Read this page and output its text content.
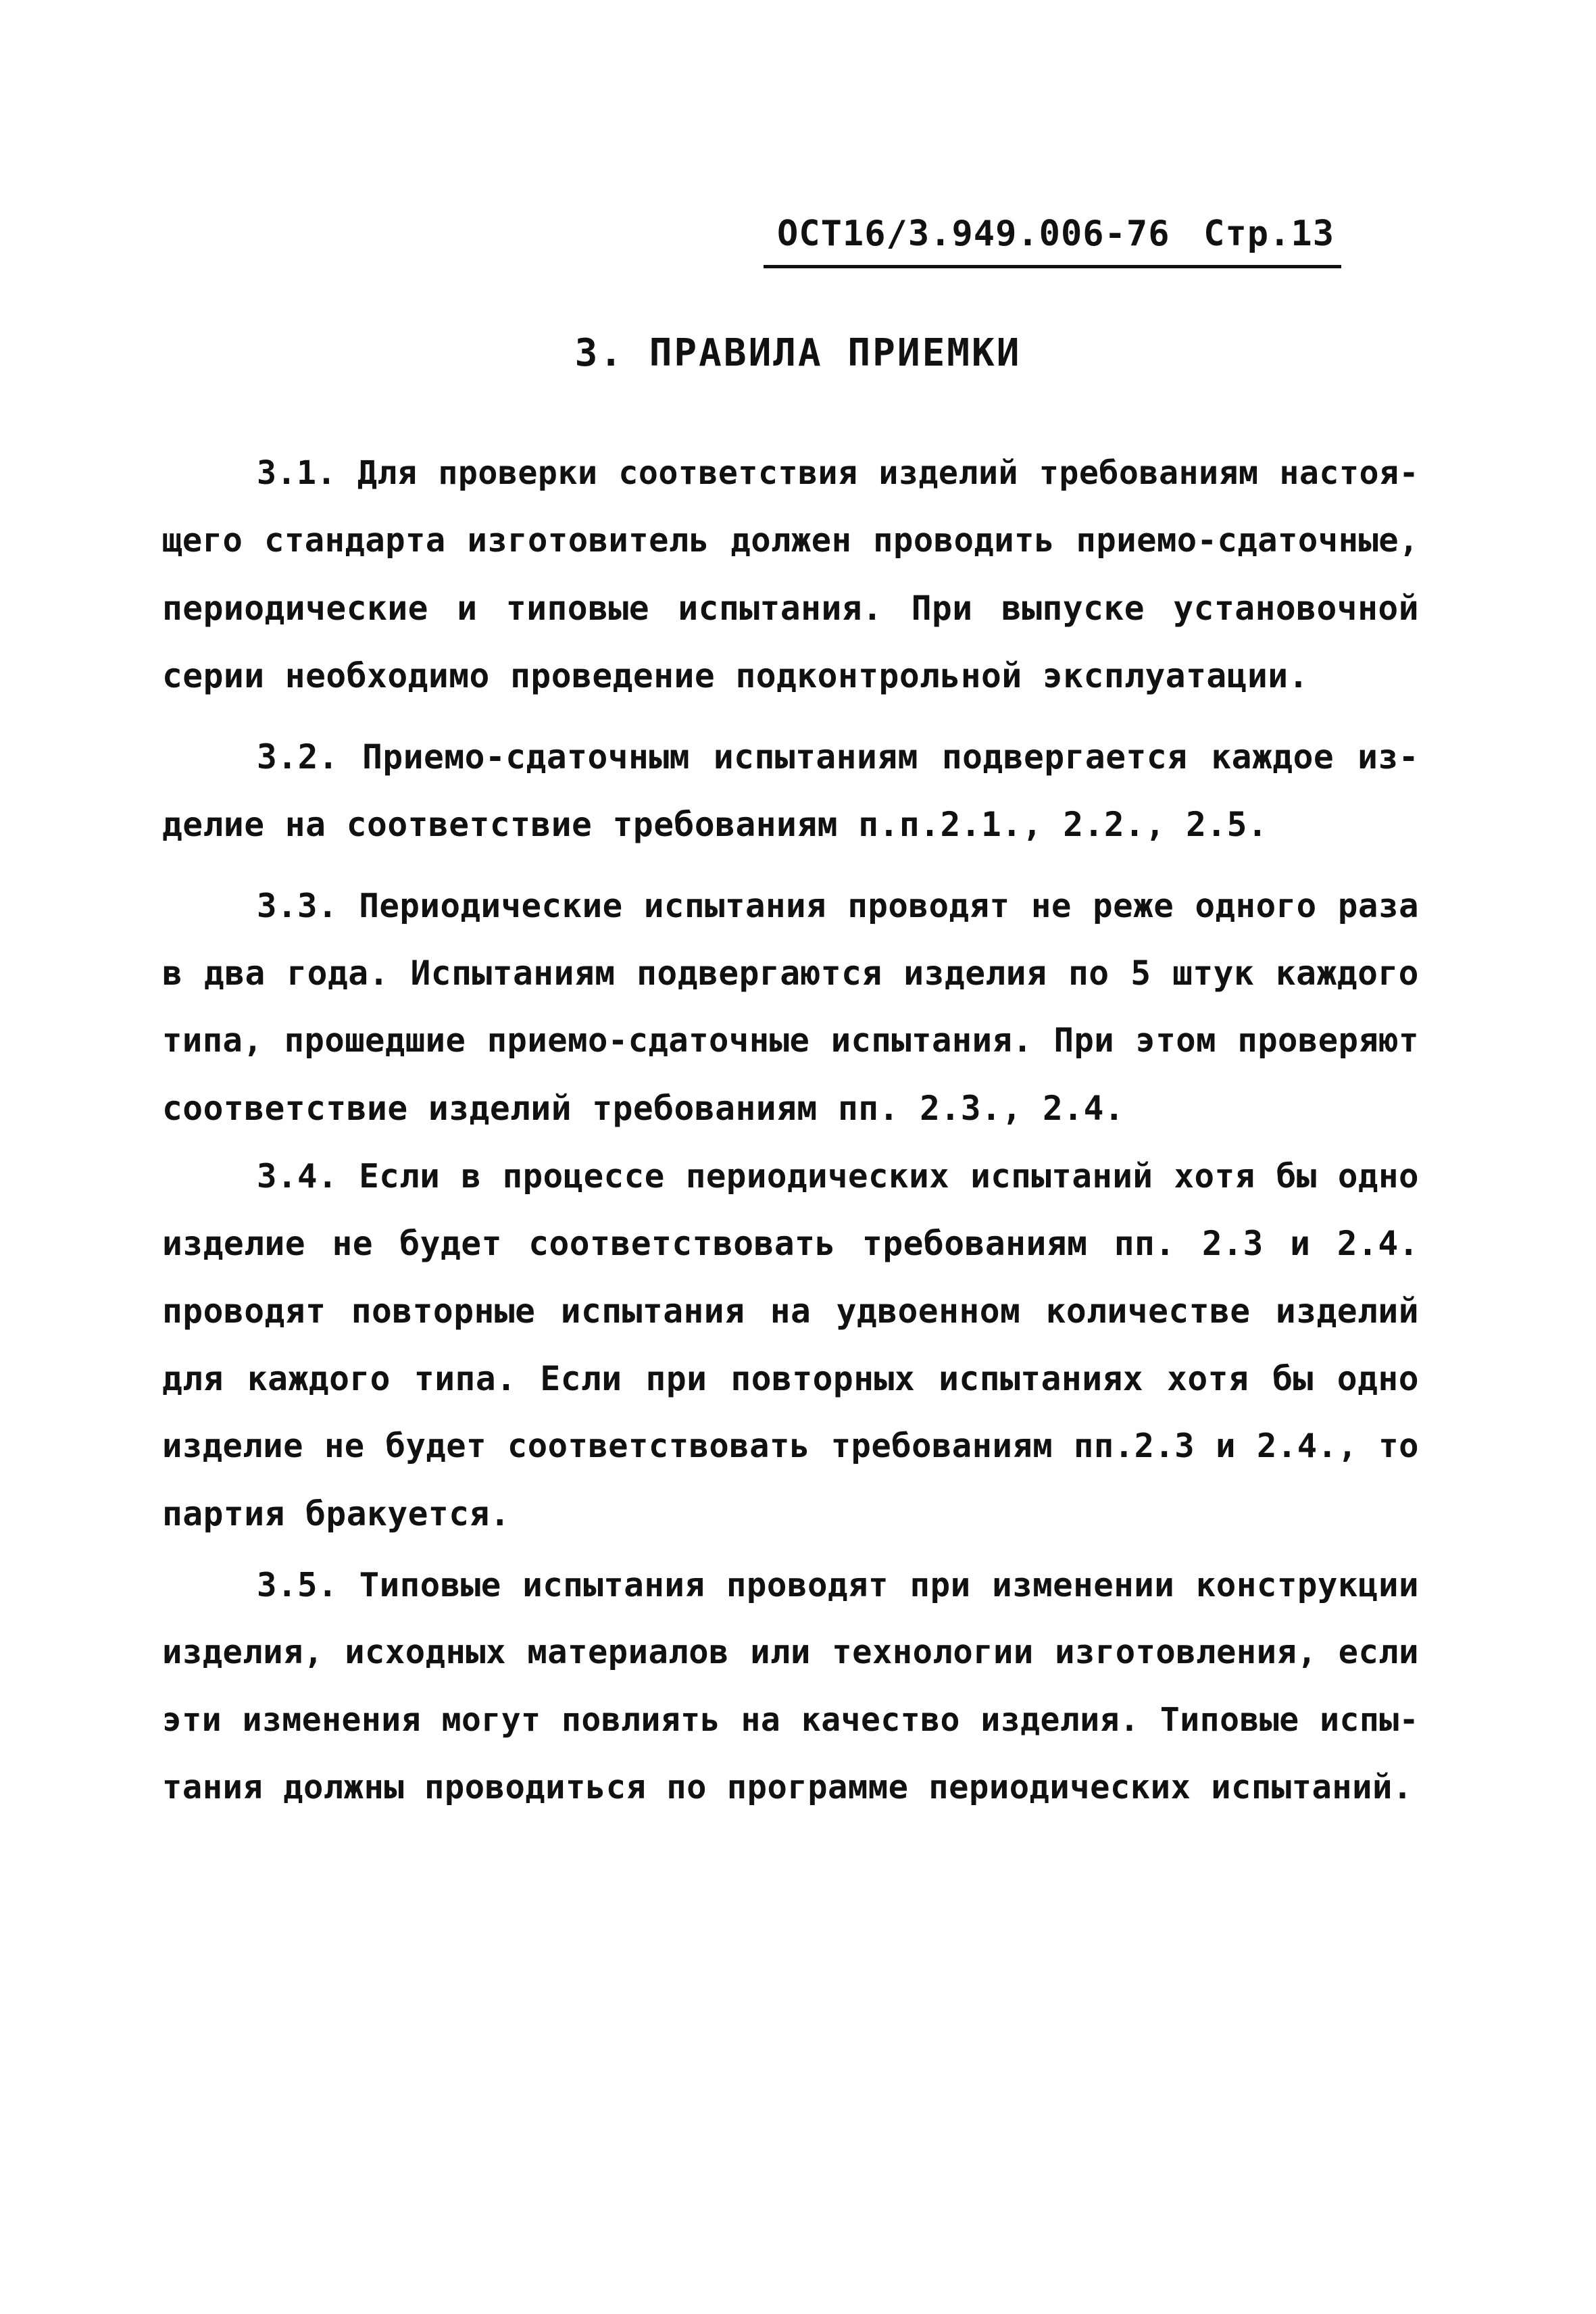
ОСТ16/3.949.006-76 Стр.13
3. ПРАВИЛА ПРИЕМКИ
3.1. Для проверки соответствия изделий требованиям настоя-
щего стандарта изготовитель должен проводить приемо-сдаточные,
периодические и типовые испытания. При выпуске установочной
серии необходимо проведение подконтрольной эксплуатации.
3.2. Приемо-сдаточным испытаниям подвергается каждое из-
делие на соответствие требованиям п.п.2.1., 2.2., 2.5.
3.3. Периодические испытания проводят не реже одного раза
в два года. Испытаниям подвергаются изделия по 5 штук каждого
типа, прошедшие приемо-сдаточные испытания. При этом проверяют
соответствие изделий требованиям пп. 2.3., 2.4.
3.4. Если в процессе периодических испытаний хотя бы одно
изделие не будет соответствовать требованиям пп. 2.3 и 2.4.
проводят повторные испытания на удвоенном количестве изделий
для каждого типа. Если при повторных испытаниях хотя бы одно
изделие не будет соответствовать требованиям пп.2.3 и 2.4., то
партия бракуется.
3.5. Типовые испытания проводят при изменении конструкции
изделия, исходных материалов или технологии изготовления, если
эти изменения могут повлиять на качество изделия. Типовые испы-
тания должны проводиться по программе периодических испытаний.
